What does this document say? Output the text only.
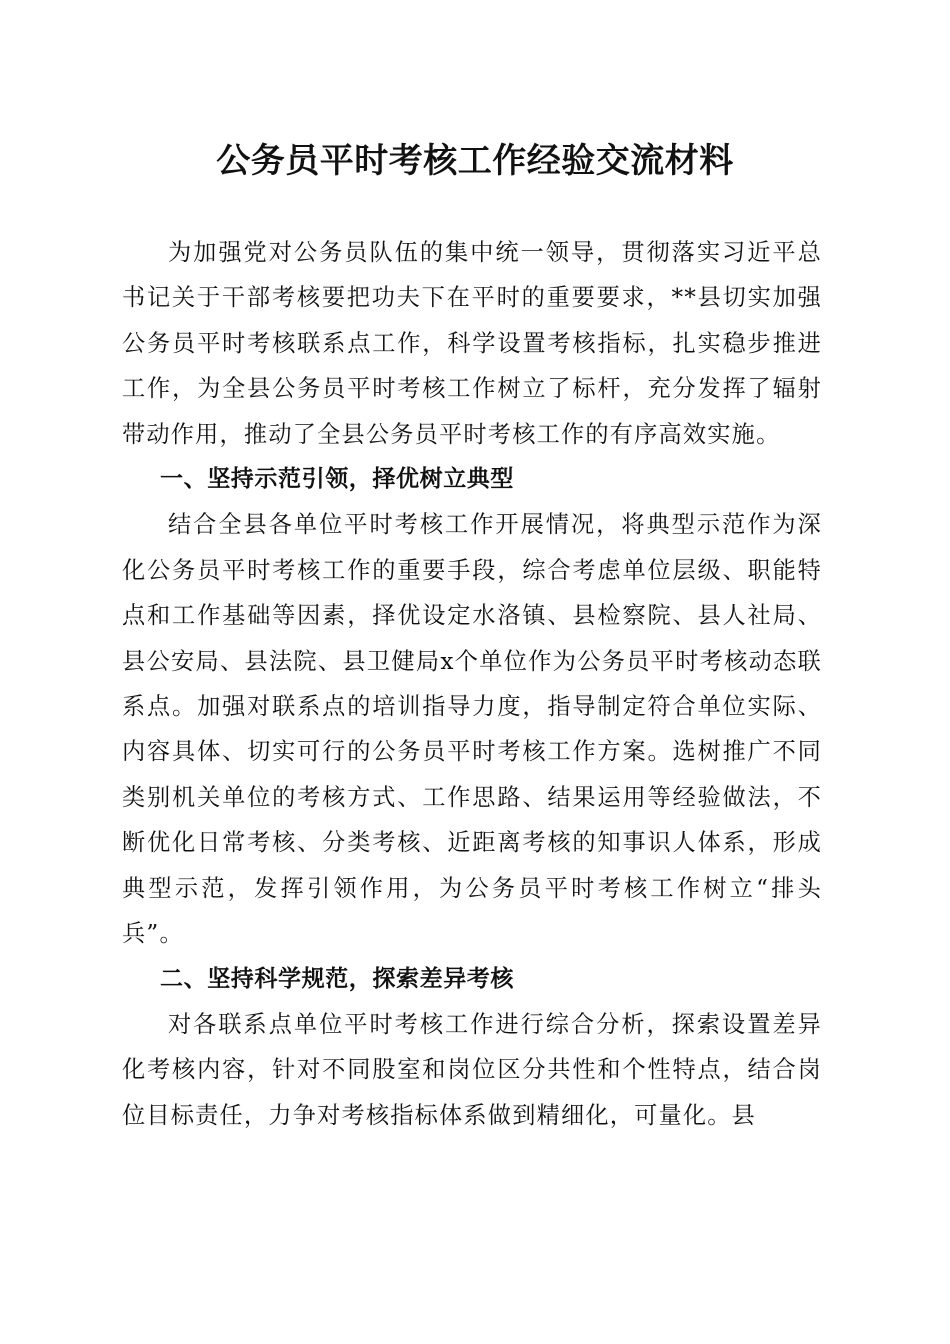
公务员平时考核工作经验交流材料

为加强党对公务员队伍的集中统一领导，贯彻落实习近平总书记关于干部考核要把功夫下在平时的重要要求，**县切实加强公务员平时考核联系点工作，科学设置考核指标，扎实稳步推进工作，为全县公务员平时考核工作树立了标杆，充分发挥了辐射带动作用，推动了全县公务员平时考核工作的有序高效实施。

一、坚持示范引领，择优树立典型

结合全县各单位平时考核工作开展情况，将典型示范作为深化公务员平时考核工作的重要手段，综合考虑单位层级、职能特点和工作基础等因素，择优设定水洛镇、县检察院、县人社局、县公安局、县法院、县卫健局x个单位作为公务员平时考核动态联系点。加强对联系点的培训指导力度，指导制定符合单位实际、内容具体、切实可行的公务员平时考核工作方案。选树推广不同类别机关单位的考核方式、工作思路、结果运用等经验做法，不断优化日常考核、分类考核、近距离考核的知事识人体系，形成典型示范，发挥引领作用，为公务员平时考核工作树立“排头兵”。

二、坚持科学规范，探索差异考核

对各联系点单位平时考核工作进行综合分析，探索设置差异化考核内容，针对不同股室和岗位区分共性和个性特点，结合岗位目标责任，力争对考核指标体系做到精细化，可量化。县
